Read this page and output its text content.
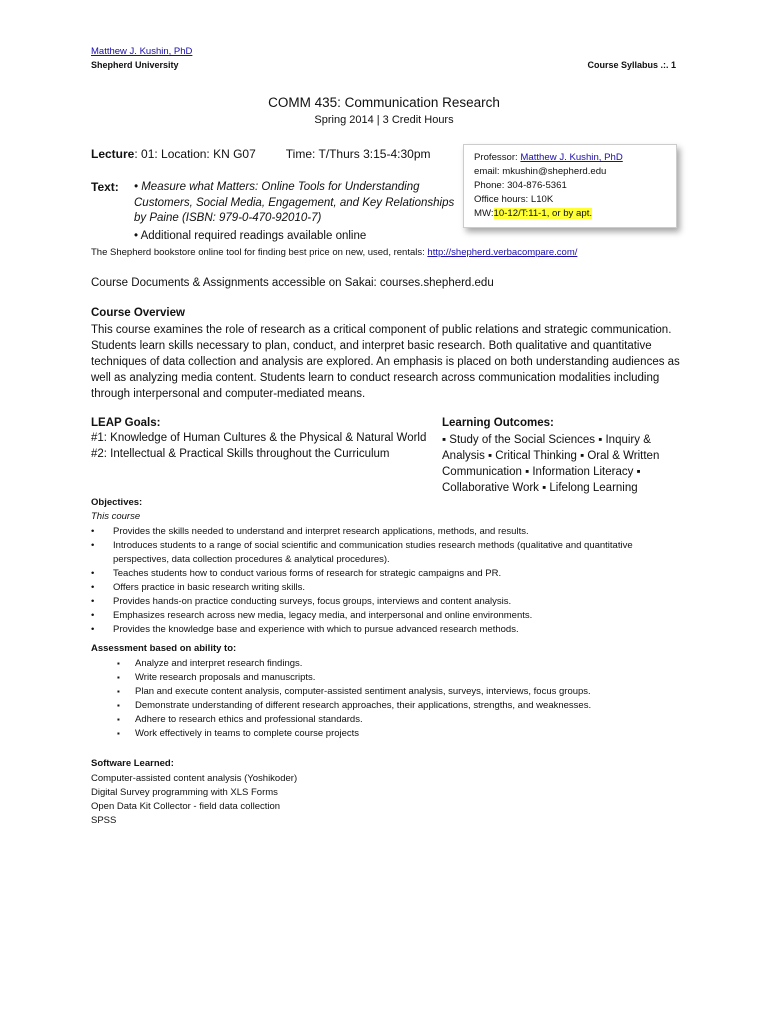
Matthew J. Kushin, PhD
Shepherd University	Course Syllabus .:. 1
COMM 435: Communication Research
Spring 2014 | 3 Credit Hours
Lecture: 01: Location: KN G07	Time: T/Thurs 3:15-4:30pm
Text: • Measure what Matters: Online Tools for Understanding Customers, Social Media, Engagement, and Key Relationships by Paine (ISBN: 979-0-470-92010-7)
• Additional required readings available online
The Shepherd bookstore online tool for finding best price on new, used, rentals: http://shepherd.verbacompare.com/
Professor: Matthew J. Kushin, PhD
email: mkushin@shepherd.edu
Phone: 304-876-5361
Office hours: L10K
MW:10-12/T:11-1, or by apt.
Course Documents & Assignments accessible on Sakai: courses.shepherd.edu
Course Overview
This course examines the role of research as a critical component of public relations and strategic communication. Students learn skills necessary to plan, conduct, and interpret basic research. Both qualitative and quantitative techniques of data collection and analysis are explored. An emphasis is placed on both understanding audiences as well as analyzing media content. Students learn to conduct research across communication modalities including through interpersonal and computer-mediated means.
LEAP Goals:
#1: Knowledge of Human Cultures & the Physical & Natural World
#2: Intellectual & Practical Skills throughout the Curriculum
Learning Outcomes:
▪ Study of the Social Sciences ▪ Inquiry & Analysis ▪ Critical Thinking ▪ Oral & Written Communication ▪ Information Literacy ▪ Collaborative Work ▪ Lifelong Learning
Objectives:
This course
• Provides the skills needed to understand and interpret research applications, methods, and results.
• Introduces students to a range of social scientific and communication studies research methods (qualitative and quantitative perspectives, data collection procedures & analytical procedures).
• Teaches students how to conduct various forms of research for strategic campaigns and PR.
• Offers practice in basic research writing skills.
• Provides hands-on practice conducting surveys, focus groups, interviews and content analysis.
• Emphasizes research across new media, legacy media, and interpersonal and online environments.
• Provides the knowledge base and experience with which to pursue advanced research methods.
Assessment based on ability to:
▪ Analyze and interpret research findings.
▪ Write research proposals and manuscripts.
▪ Plan and execute content analysis, computer-assisted sentiment analysis, surveys, interviews, focus groups.
▪ Demonstrate understanding of different research approaches, their applications, strengths, and weaknesses.
▪ Adhere to research ethics and professional standards.
▪ Work effectively in teams to complete course projects
Software Learned:
Computer-assisted content analysis (Yoshikoder)
Digital Survey programming with XLS Forms
Open Data Kit Collector - field data collection
SPSS
